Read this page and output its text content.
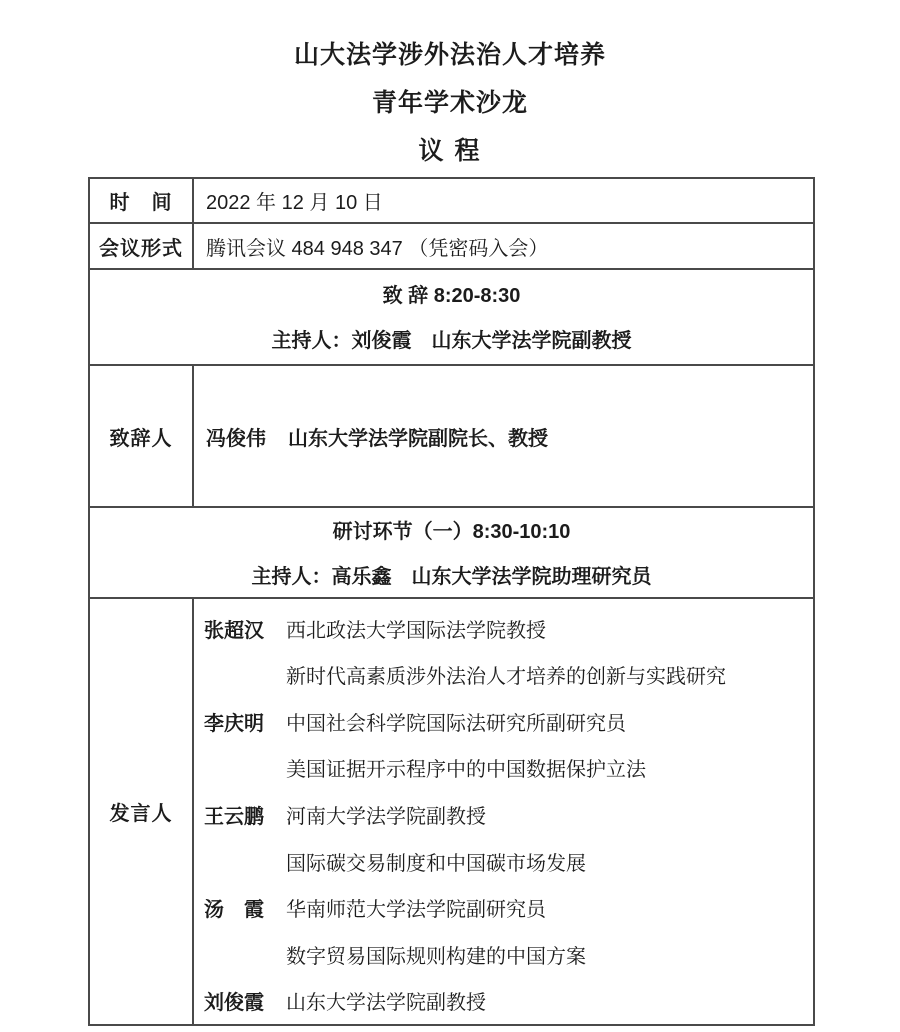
山大法学涉外法治人才培养
青年学术沙龙
议 程
时　间	2022 年 12 月 10 日
会议形式	腾讯会议 484 948 347 （凭密码入会）
致 辞 8:20-8:30
主持人：刘俊霞　山东大学法学院副教授
致辞人	冯俊伟	山东大学法学院副院长、教授
研讨环节（一）8:30-10:10
主持人：高乐鑫　山东大学法学院助理研究员
发言人
张超汉	西北政法大学国际法学院教授
新时代高素质涉外法治人才培养的创新与实践研究
李庆明	中国社会科学院国际法研究所副研究员
美国证据开示程序中的中国数据保护立法
王云鹏	河南大学法学院副教授
国际碳交易制度和中国碳市场发展
汤　霞	华南师范大学法学院副研究员
数字贸易国际规则构建的中国方案
刘俊霞	山东大学法学院副教授
